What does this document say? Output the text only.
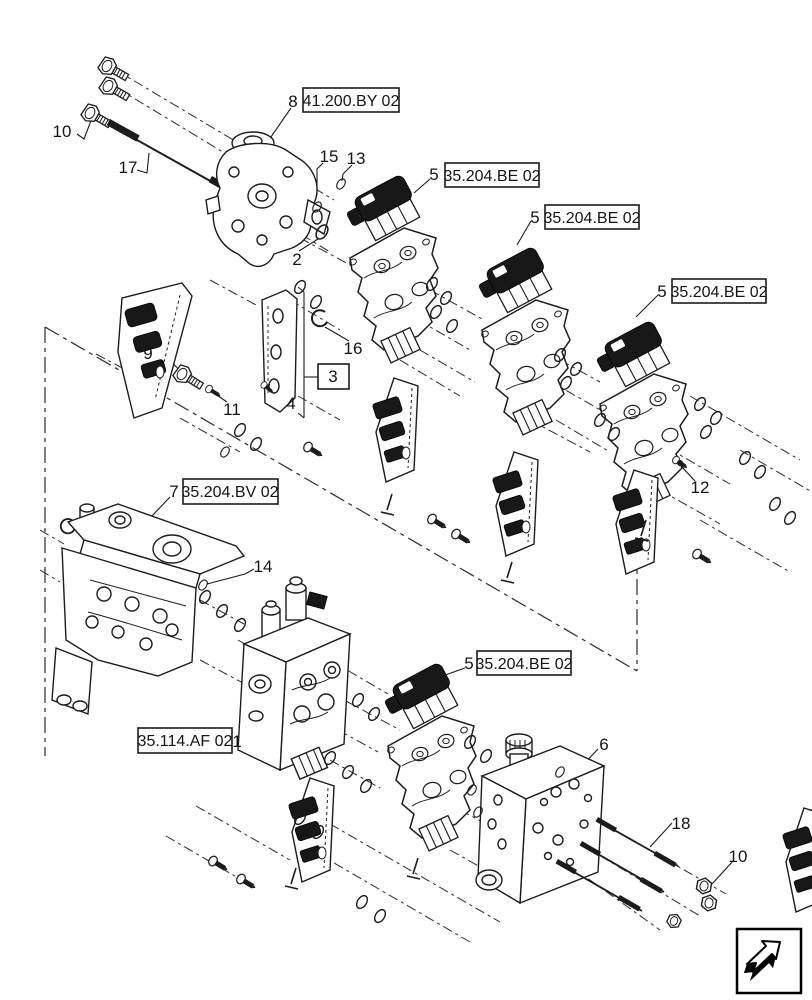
10
17
8
15 13
2
5
5
5
5
16
9
11	4
7	12
14
1	6
18
10
3
41.200.BY 02
35.204.BE 02
35.204.BE 02
35.204.BE 02
35.204.BE 02
35.204.BV 02
35.114.AF 02
